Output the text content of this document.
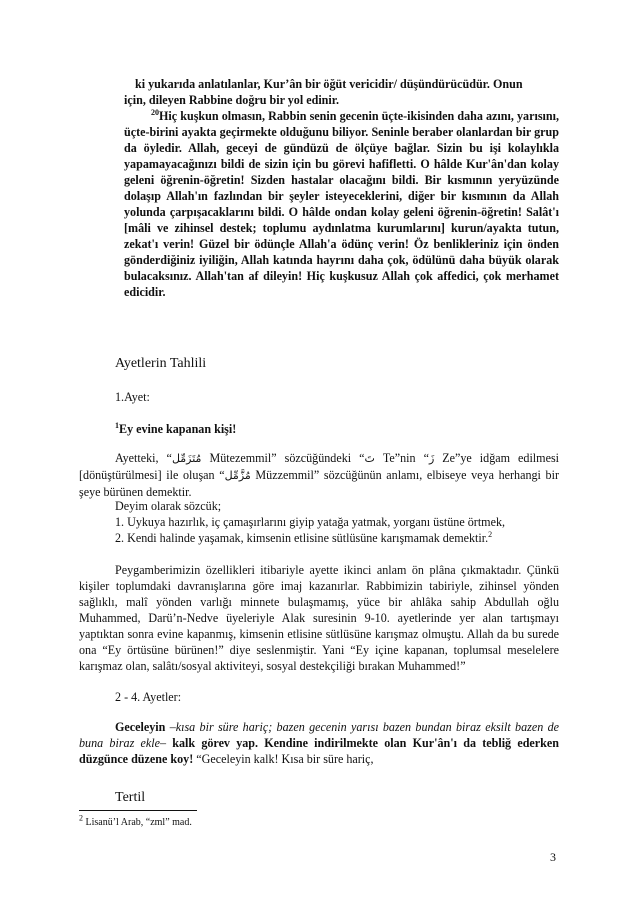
ki yukarıda anlatılanlar, Kur’ân bir öğüt vericidir/ düşündürücüdür. Onun

için, dileyen Rabbine doğru bir yol edinir.

$^{20}$Hiç kuşkun olmasın, Rabbin senin gecenin üçte-ikisinden daha azını, yarısını, üçte-birini ayakta geçirmekte olduğunu biliyor. Seninle beraber olanlardan bir grup da öyledir. Allah, geceyi de gündüzü de ölçüye bağlar. Sizin bu işi kolaylıkla yapamayacağınızı bildi de sizin için bu görevi hafifletti. O hâlde Kur'ân'dan kolay geleni öğrenin-öğretin! Sizden hastalar olacağını bildi. Bir kısmının yeryüzünde dolaşıp Allah'ın fazlından bir şeyler isteyeceklerini, diğer bir kısmının da Allah yolunda çarpışacaklarını bildi. O hâlde ondan kolay geleni öğrenin-öğretin! Salât'ı [mâli ve zihinsel destek; toplumu aydınlatma kurumlarını] kurun/ayakta tutun, zekat'ı verin! Güzel bir ödünçle Allah'a ödünç verin! Öz benlikleriniz için önden gönderdiğiniz iyiliğin, Allah katında hayrını daha çok, ödülünü daha büyük olarak bulacaksınız. Allah'tan af dileyin! Hiç kuşkusuz Allah çok affedici, çok merhamet edicidir.

Ayetlerin Tahlili

1.Ayet:

$^1$Ey evine kapanan kişi!

Ayetteki, “مُتَزَمِّل Mütezemmil” sözcüğündeki “تَ Te”nin “زَ Ze”ye idğam edilmesi [dönüştürülmesi] ile oluşan “مُزَّمِّل Müzzemmil” sözcüğünün anlamı, elbiseye veya herhangi bir şeye bürünen demektir.

Deyim olarak sözcük;

1. Uykuya hazırlık, iç çamaşırlarını giyip yatağa yatmak, yorganı üstüne örtmek,

2. Kendi halinde yaşamak, kimsenin etlisine sütlüsüne karışmamak demektir.$^2$

Peygamberimizin özellikleri itibariyle ayette ikinci anlam ön plâna çıkmaktadır. Çünkü kişiler toplumdaki davranışlarına göre imaj kazanırlar. Rabbimizin tabiriyle, zihinsel yönden sağlıklı, malî yönden varlığı minnete bulaşmamış, yüce bir ahlâka sahip Abdullah oğlu Muhammed, Darü’n-Nedve üyeleriyle Alak suresinin 9-10. ayetlerinde yer alan tartışmayı yaptıktan sonra evine kapanmış, kimsenin etlisine sütlüsüne karışmaz olmuştu. Allah da bu surede ona “Ey örtüsüne bürünen!” diye seslenmiştir. Yani “Ey içine kapanan, toplumsal meselelere karışmaz olan, salâtı/sosyal aktiviteyi, sosyal destekçiliği bırakan Muhammed!”

2 - 4. Ayetler:

Geceleyin –kısa bir süre hariç; bazen gecenin yarısı bazen bundan biraz eksilt bazen de buna biraz ekle– kalk görev yap. Kendine indirilmekte olan Kur'ân'ı da tebliğ ederken düzgünce düzene koy! “Geceleyin kalk! Kısa bir süre hariç,

Tertil
$^2$ Lisanü’l Arab, “zml” mad.
3
